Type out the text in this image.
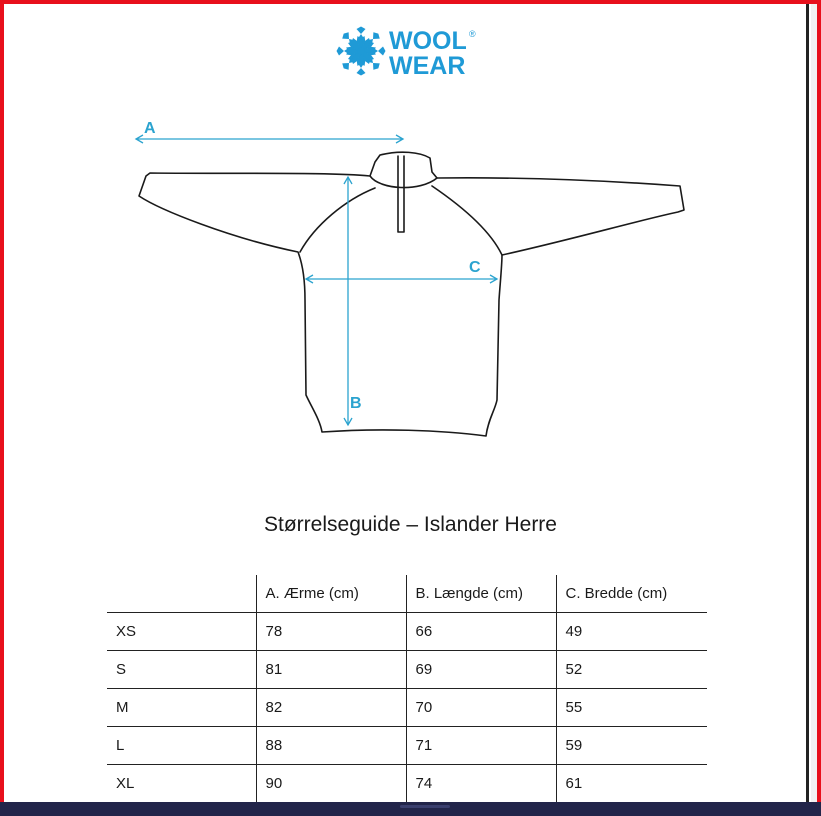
WOOL
WEAR
®
A
B
C
Størrelseguide – Islander Herre
	A. Ærme (cm)	B. Længde (cm)	C. Bredde (cm)
XS	78	66	49
S	81	69	52
M	82	70	55
L	88	71	59
XL	90	74	61
